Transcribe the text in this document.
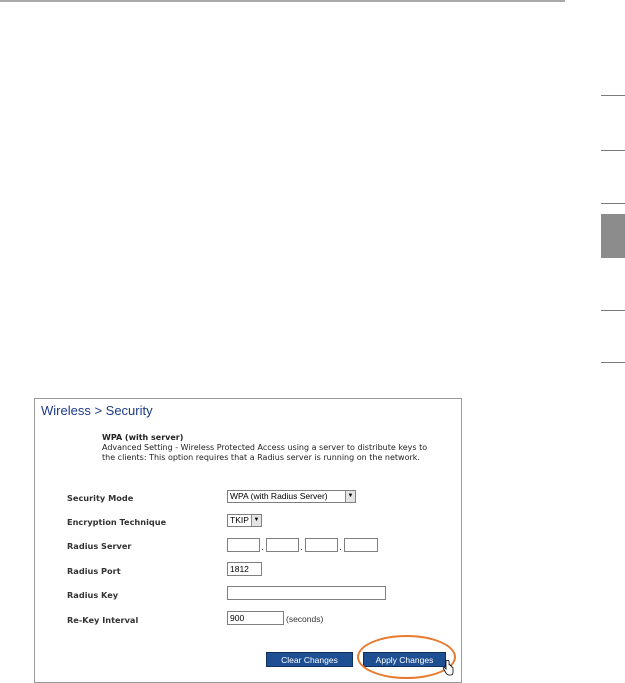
Wireless > Security
WPA (with server)
Advanced Setting - Wireless Protected Access using a server to distribute keys to
the clients: This option requires that a Radius server is running on the network.
Security Mode	WPA (with Radius Server)	▼
Encryption Technique	TKIP ▼
Radius Server	.	.	.
Radius Port	1812
Radius Key
Re-Key Interval	900	(seconds)
Clear Changes	Apply Changes
